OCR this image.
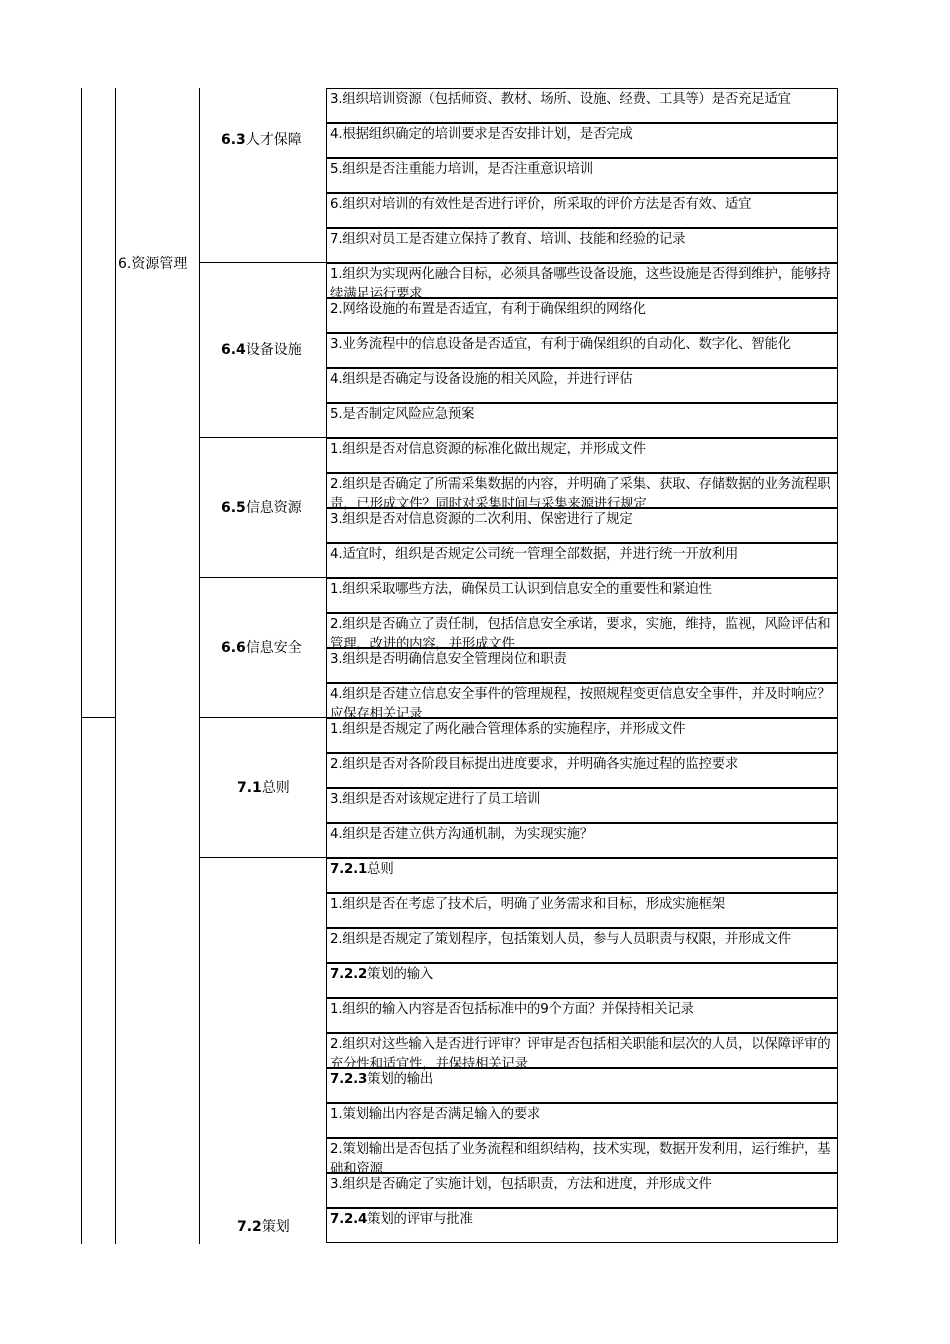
6.资源管理
6.3人才保障
6.4设备设施
6.5信息资源
6.6信息安全
7.1总则
7.2策划
3.组织培训资源（包括师资、教材、场所、设施、经费、工具等）是否充足适宜
4.根据组织确定的培训要求是否安排计划，是否完成
5.组织是否注重能力培训，是否注重意识培训
6.组织对培训的有效性是否进行评价，所采取的评价方法是否有效、适宜
7.组织对员工是否建立保持了教育、培训、技能和经验的记录
1.组织为实现两化融合目标，必须具备哪些设备设施，这些设施是否得到维护，能够持续满足运行要求
2.网络设施的布置是否适宜，有利于确保组织的网络化
3.业务流程中的信息设备是否适宜，有利于确保组织的自动化、数字化、智能化
4.组织是否确定与设备设施的相关风险，并进行评估
5.是否制定风险应急预案
1.组织是否对信息资源的标准化做出规定，并形成文件
2.组织是否确定了所需采集数据的内容，并明确了采集、获取、存储数据的业务流程职责，已形成文件？同时对采集时间与采集来源进行规定
3.组织是否对信息资源的二次利用、保密进行了规定
4.适宜时，组织是否规定公司统一管理全部数据，并进行统一开放利用
1.组织采取哪些方法，确保员工认识到信息安全的重要性和紧迫性
2.组织是否确立了责任制，包括信息安全承诺，要求，实施，维持，监视，风险评估和管理，改进的内容，并形成文件
3.组织是否明确信息安全管理岗位和职责
4.组织是否建立信息安全事件的管理规程，按照规程变更信息安全事件，并及时响应？应保存相关记录
1.组织是否规定了两化融合管理体系的实施程序，并形成文件
2.组织是否对各阶段目标提出进度要求，并明确各实施过程的监控要求
3.组织是否对该规定进行了员工培训
4.组织是否建立供方沟通机制，为实现实施？
7.2.1总则
1.组织是否在考虑了技术后，明确了业务需求和目标，形成实施框架
2.组织是否规定了策划程序，包括策划人员，参与人员职责与权限，并形成文件
7.2.2策划的输入
1.组织的输入内容是否包括标准中的9个方面？并保持相关记录
2.组织对这些输入是否进行评审？评审是否包括相关职能和层次的人员，以保障评审的充分性和适宜性，并保持相关记录
7.2.3策划的输出
1.策划输出内容是否满足输入的要求
2.策划输出是否包括了业务流程和组织结构，技术实现，数据开发利用，运行维护，基础和资源
3.组织是否确定了实施计划，包括职责，方法和进度，并形成文件
7.2.4策划的评审与批准
